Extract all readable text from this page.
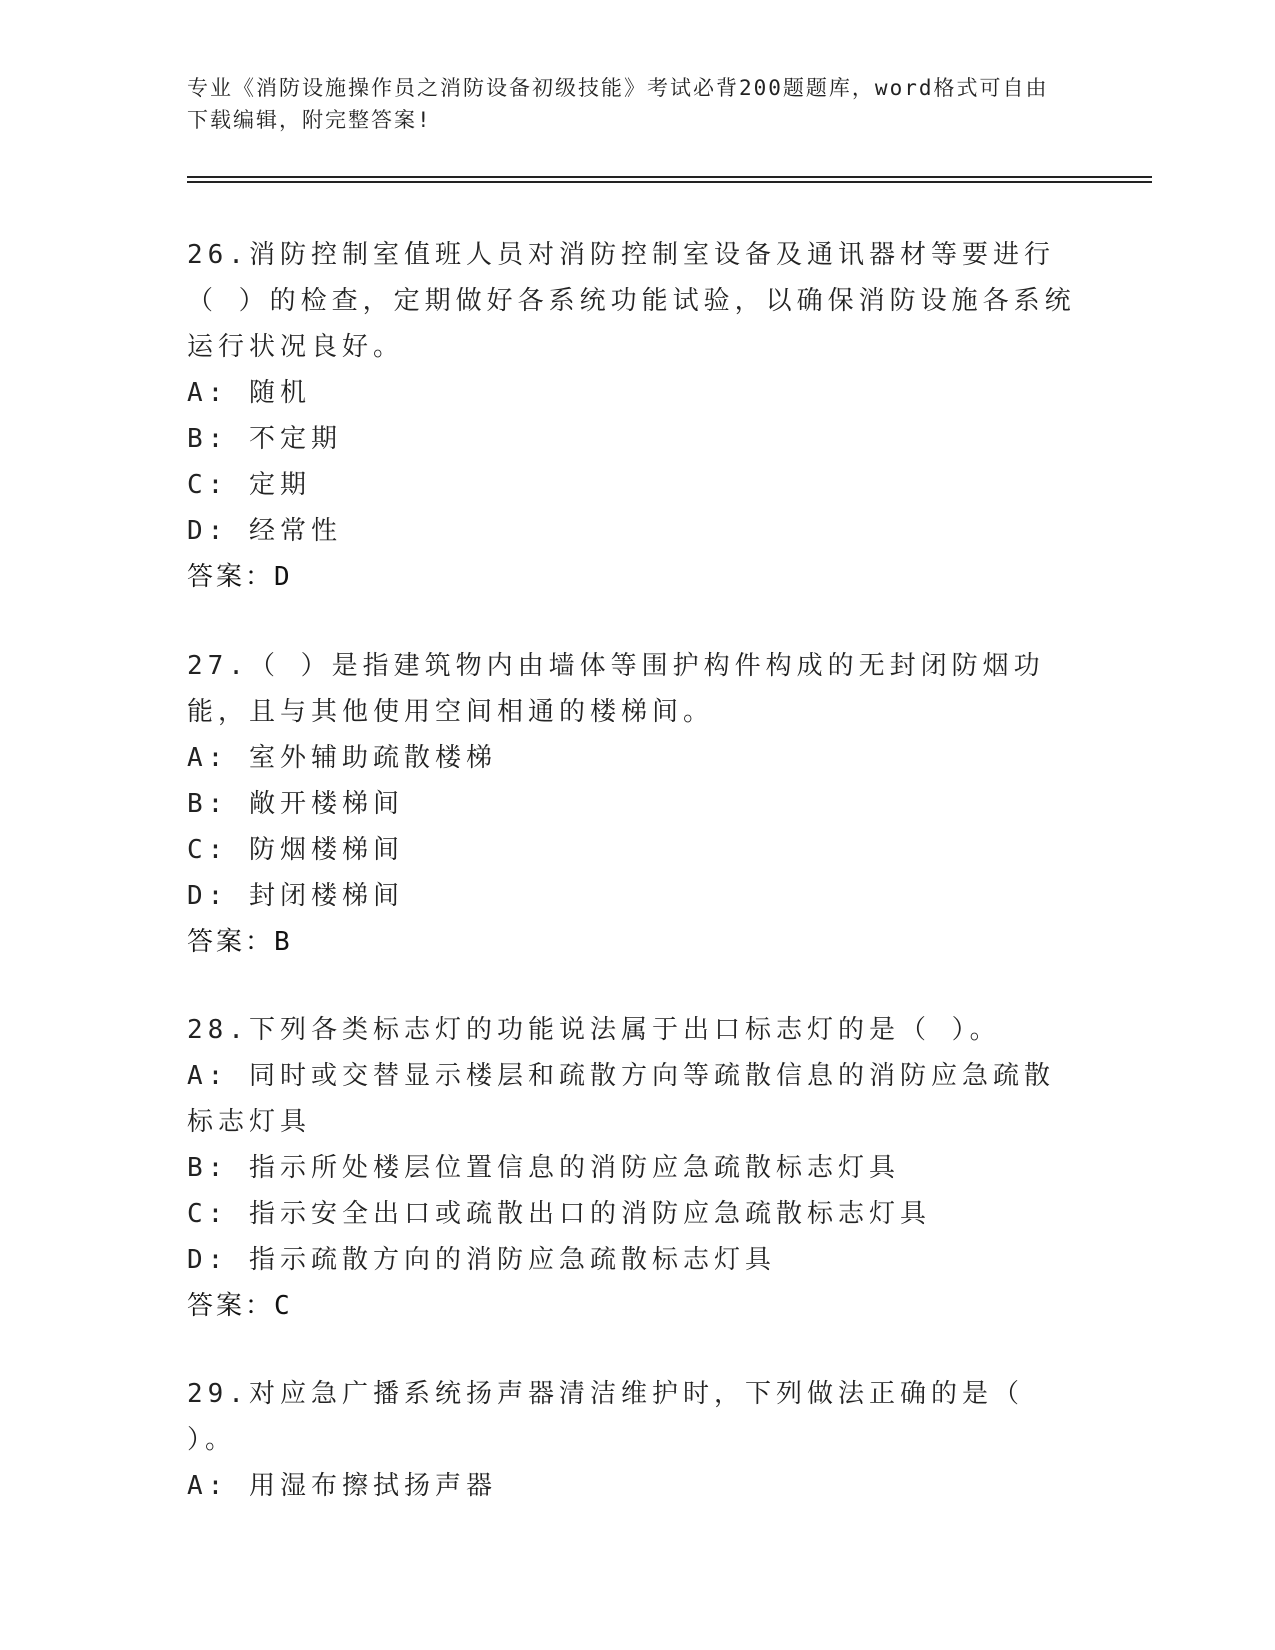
专业《消防设施操作员之消防设备初级技能》考试必背200题题库，word格式可自由下载编辑，附完整答案!

26.消防控制室值班人员对消防控制室设备及通讯器材等要进行（ ）的检查，定期做好各系统功能试验，以确保消防设施各系统运行状况良好。

A: 随机

B: 不定期

C: 定期

D: 经常性

答案：D

27.（ ）是指建筑物内由墙体等围护构件构成的无封闭防烟功能，且与其他使用空间相通的楼梯间。

A: 室外辅助疏散楼梯

B: 敞开楼梯间

C: 防烟楼梯间

D: 封闭楼梯间

答案：B

28.下列各类标志灯的功能说法属于出口标志灯的是（ ）。

A: 同时或交替显示楼层和疏散方向等疏散信息的消防应急疏散标志灯具

B: 指示所处楼层位置信息的消防应急疏散标志灯具

C: 指示安全出口或疏散出口的消防应急疏散标志灯具

D: 指示疏散方向的消防应急疏散标志灯具

答案：C

29.对应急广播系统扬声器清洁维护时，下列做法正确的是（ ）。

A: 用湿布擦拭扬声器
